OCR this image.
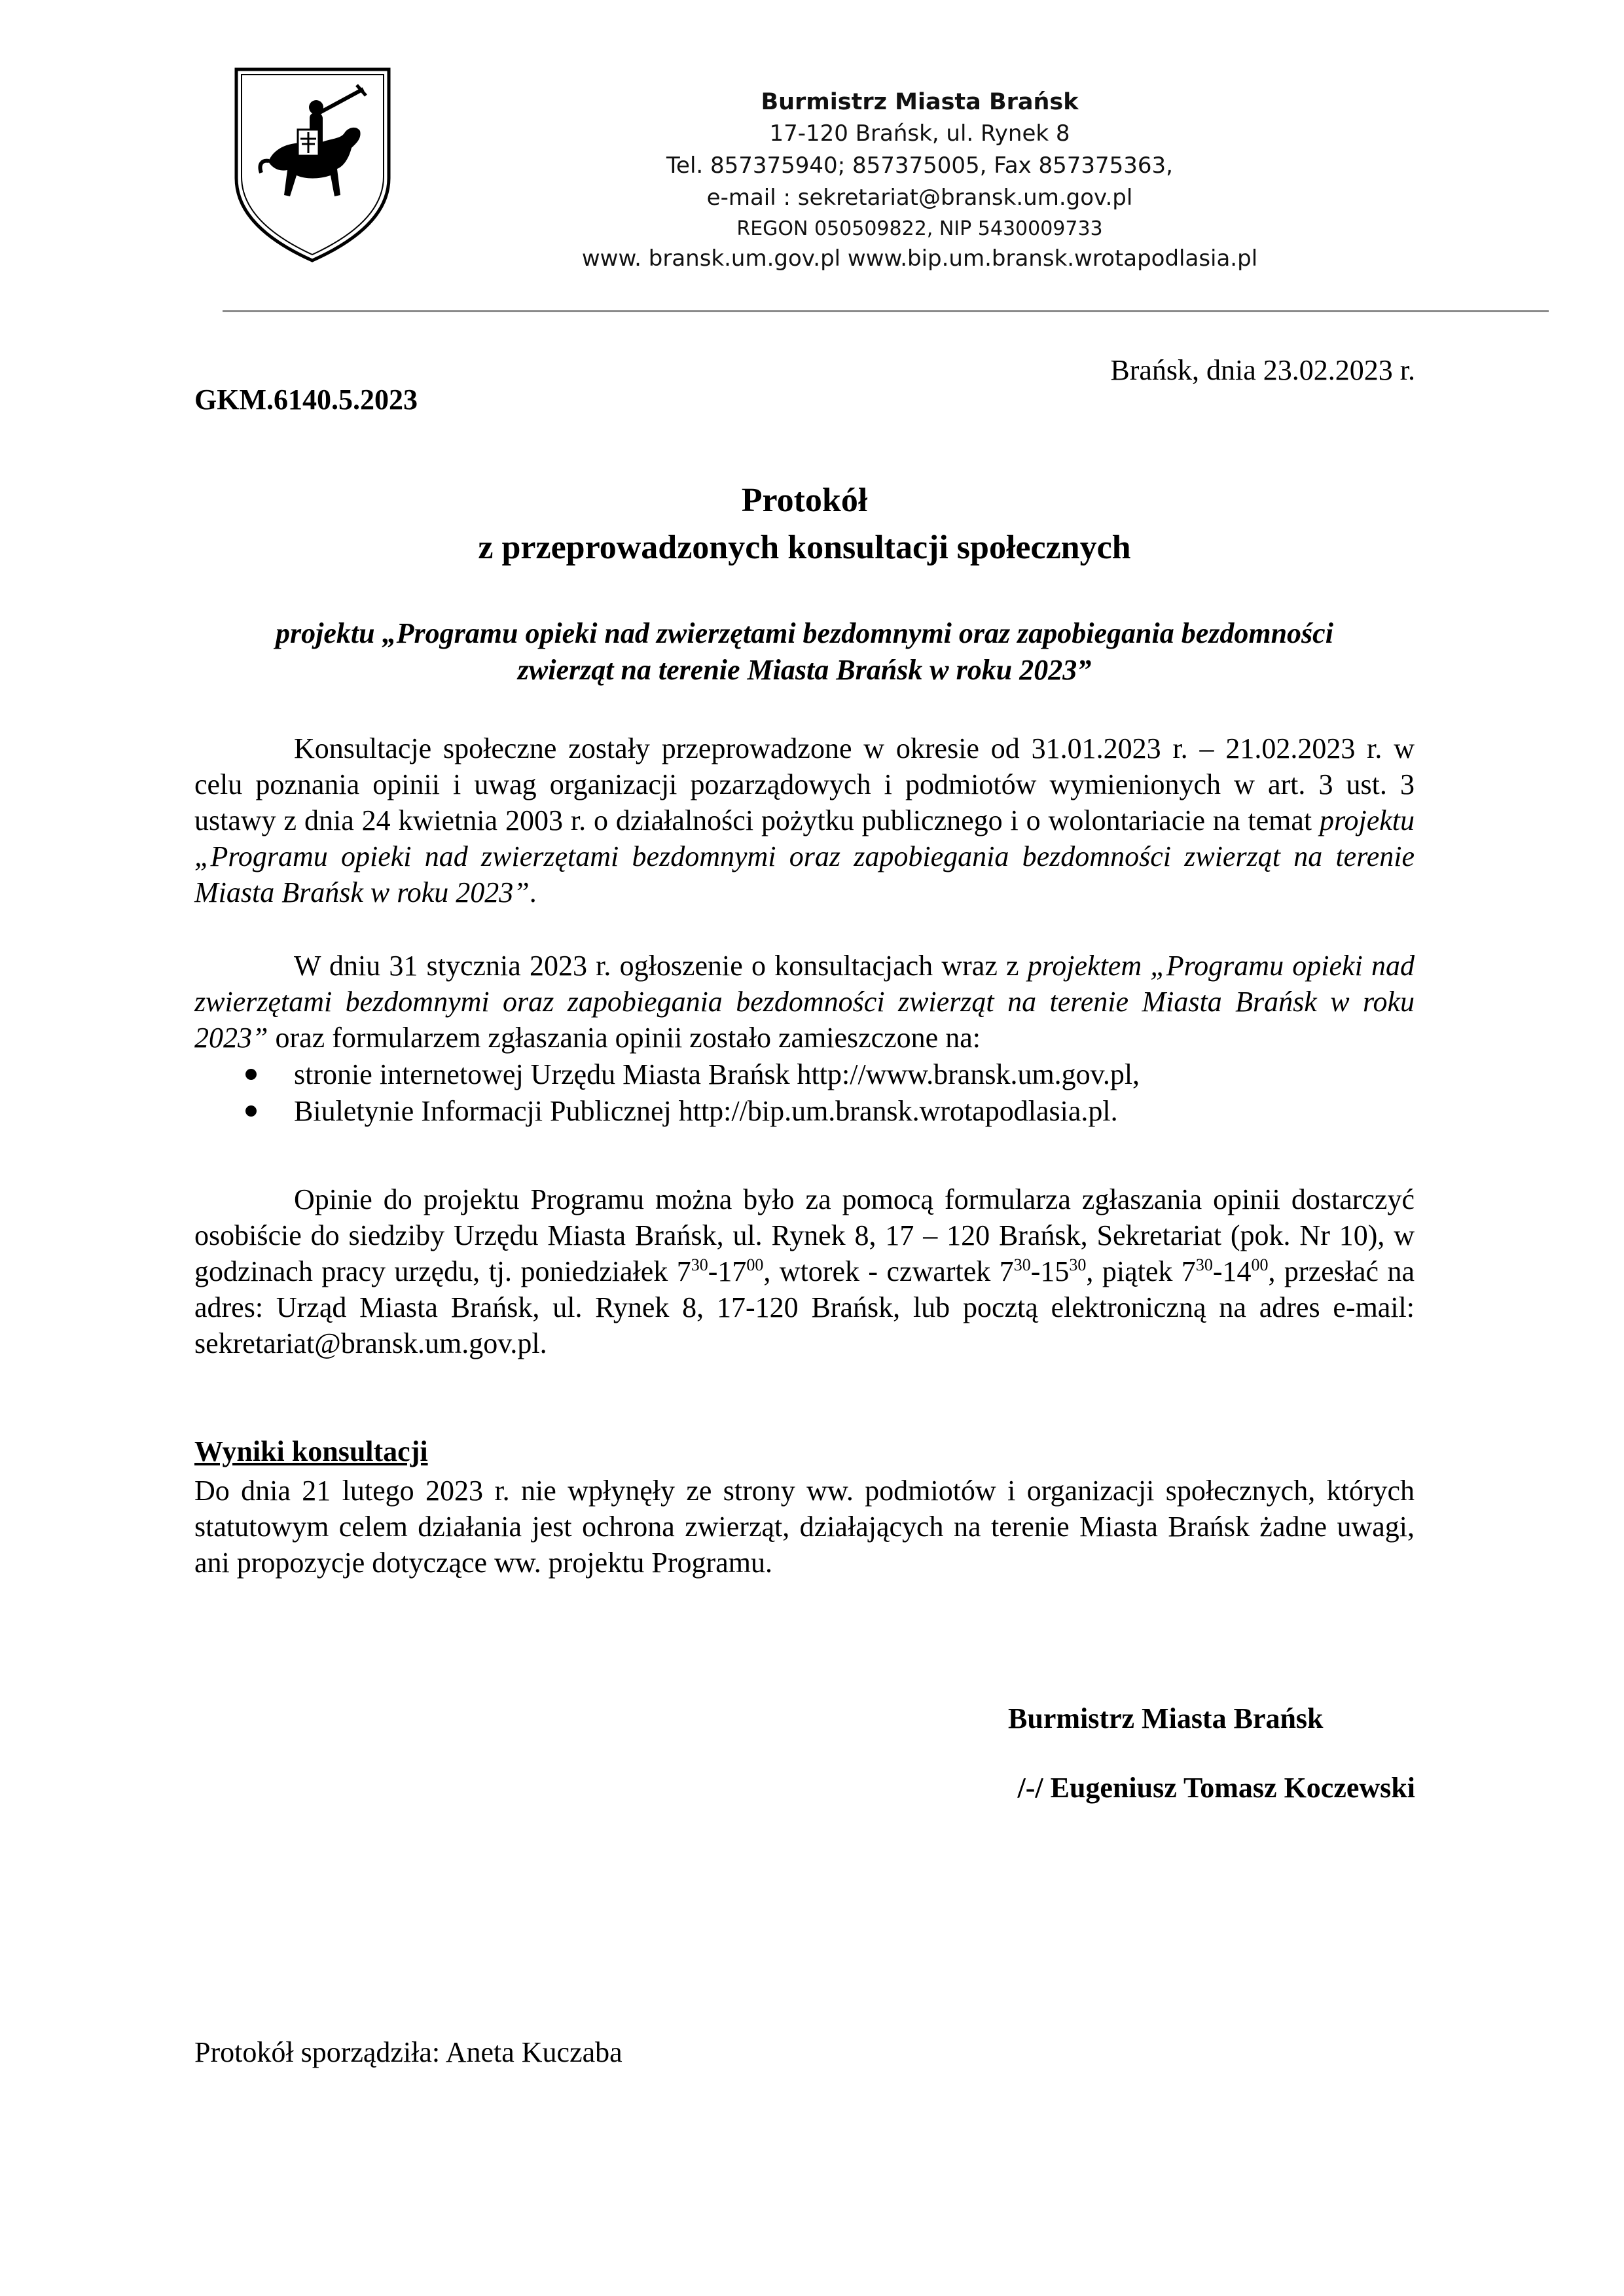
Burmistrz Miasta Brańsk
17-120 Brańsk, ul. Rynek 8
Tel. 857375940; 857375005, Fax 857375363,
e-mail : sekretariat@bransk.um.gov.pl
REGON 050509822, NIP 5430009733
www. bransk.um.gov.pl www.bip.um.bransk.wrotapodlasia.pl
GKM.6140.5.2023
Brańsk, dnia 23.02.2023 r.
Protokół
z przeprowadzonych konsultacji społecznych
projektu „Programu opieki nad zwierzętami bezdomnymi oraz zapobiegania bezdomności
zwierząt na terenie Miasta Brańsk w roku 2023”
Konsultacje społeczne zostały przeprowadzone w okresie od 31.01.2023 r. – 21.02.2023 r. w celu poznania opinii i uwag organizacji pozarządowych i podmiotów wymienionych w art. 3 ust. 3 ustawy z dnia 24 kwietnia 2003 r. o działalności pożytku publicznego i o wolontariacie na temat projektu „Programu opieki nad zwierzętami bezdomnymi oraz zapobiegania bezdomności zwierząt na terenie Miasta Brańsk w roku 2023”.
W dniu 31 stycznia 2023 r. ogłoszenie o konsultacjach wraz z projektem „Programu opieki nad zwierzętami bezdomnymi oraz zapobiegania bezdomności zwierząt na terenie Miasta Brańsk w roku 2023” oraz formularzem zgłaszania opinii zostało zamieszczone na:
stronie internetowej Urzędu Miasta Brańsk http://www.bransk.um.gov.pl,
Biuletynie Informacji Publicznej http://bip.um.bransk.wrotapodlasia.pl.
Opinie do projektu Programu można było za pomocą formularza zgłaszania opinii dostarczyć osobiście do siedziby Urzędu Miasta Brańsk, ul. Rynek 8, 17 – 120 Brańsk, Sekretariat (pok. Nr 10), w godzinach pracy urzędu, tj. poniedziałek $7^{30}-17^{00}$, wtorek - czwartek $7^{30}-15^{30}$, piątek $7^{30}-14^{00}$, przesłać na adres: Urząd Miasta Brańsk, ul. Rynek 8, 17-120 Brańsk, lub pocztą elektroniczną na adres e-mail: sekretariat@bransk.um.gov.pl.
Wyniki konsultacji
Do dnia 21 lutego 2023 r. nie wpłynęły ze strony ww. podmiotów i organizacji społecznych, których statutowym celem działania jest ochrona zwierząt, działających na terenie Miasta Brańsk żadne uwagi, ani propozycje dotyczące ww. projektu Programu.
Burmistrz Miasta Brańsk
/-/ Eugeniusz Tomasz Koczewski
Protokół sporządziła: Aneta Kuczaba
